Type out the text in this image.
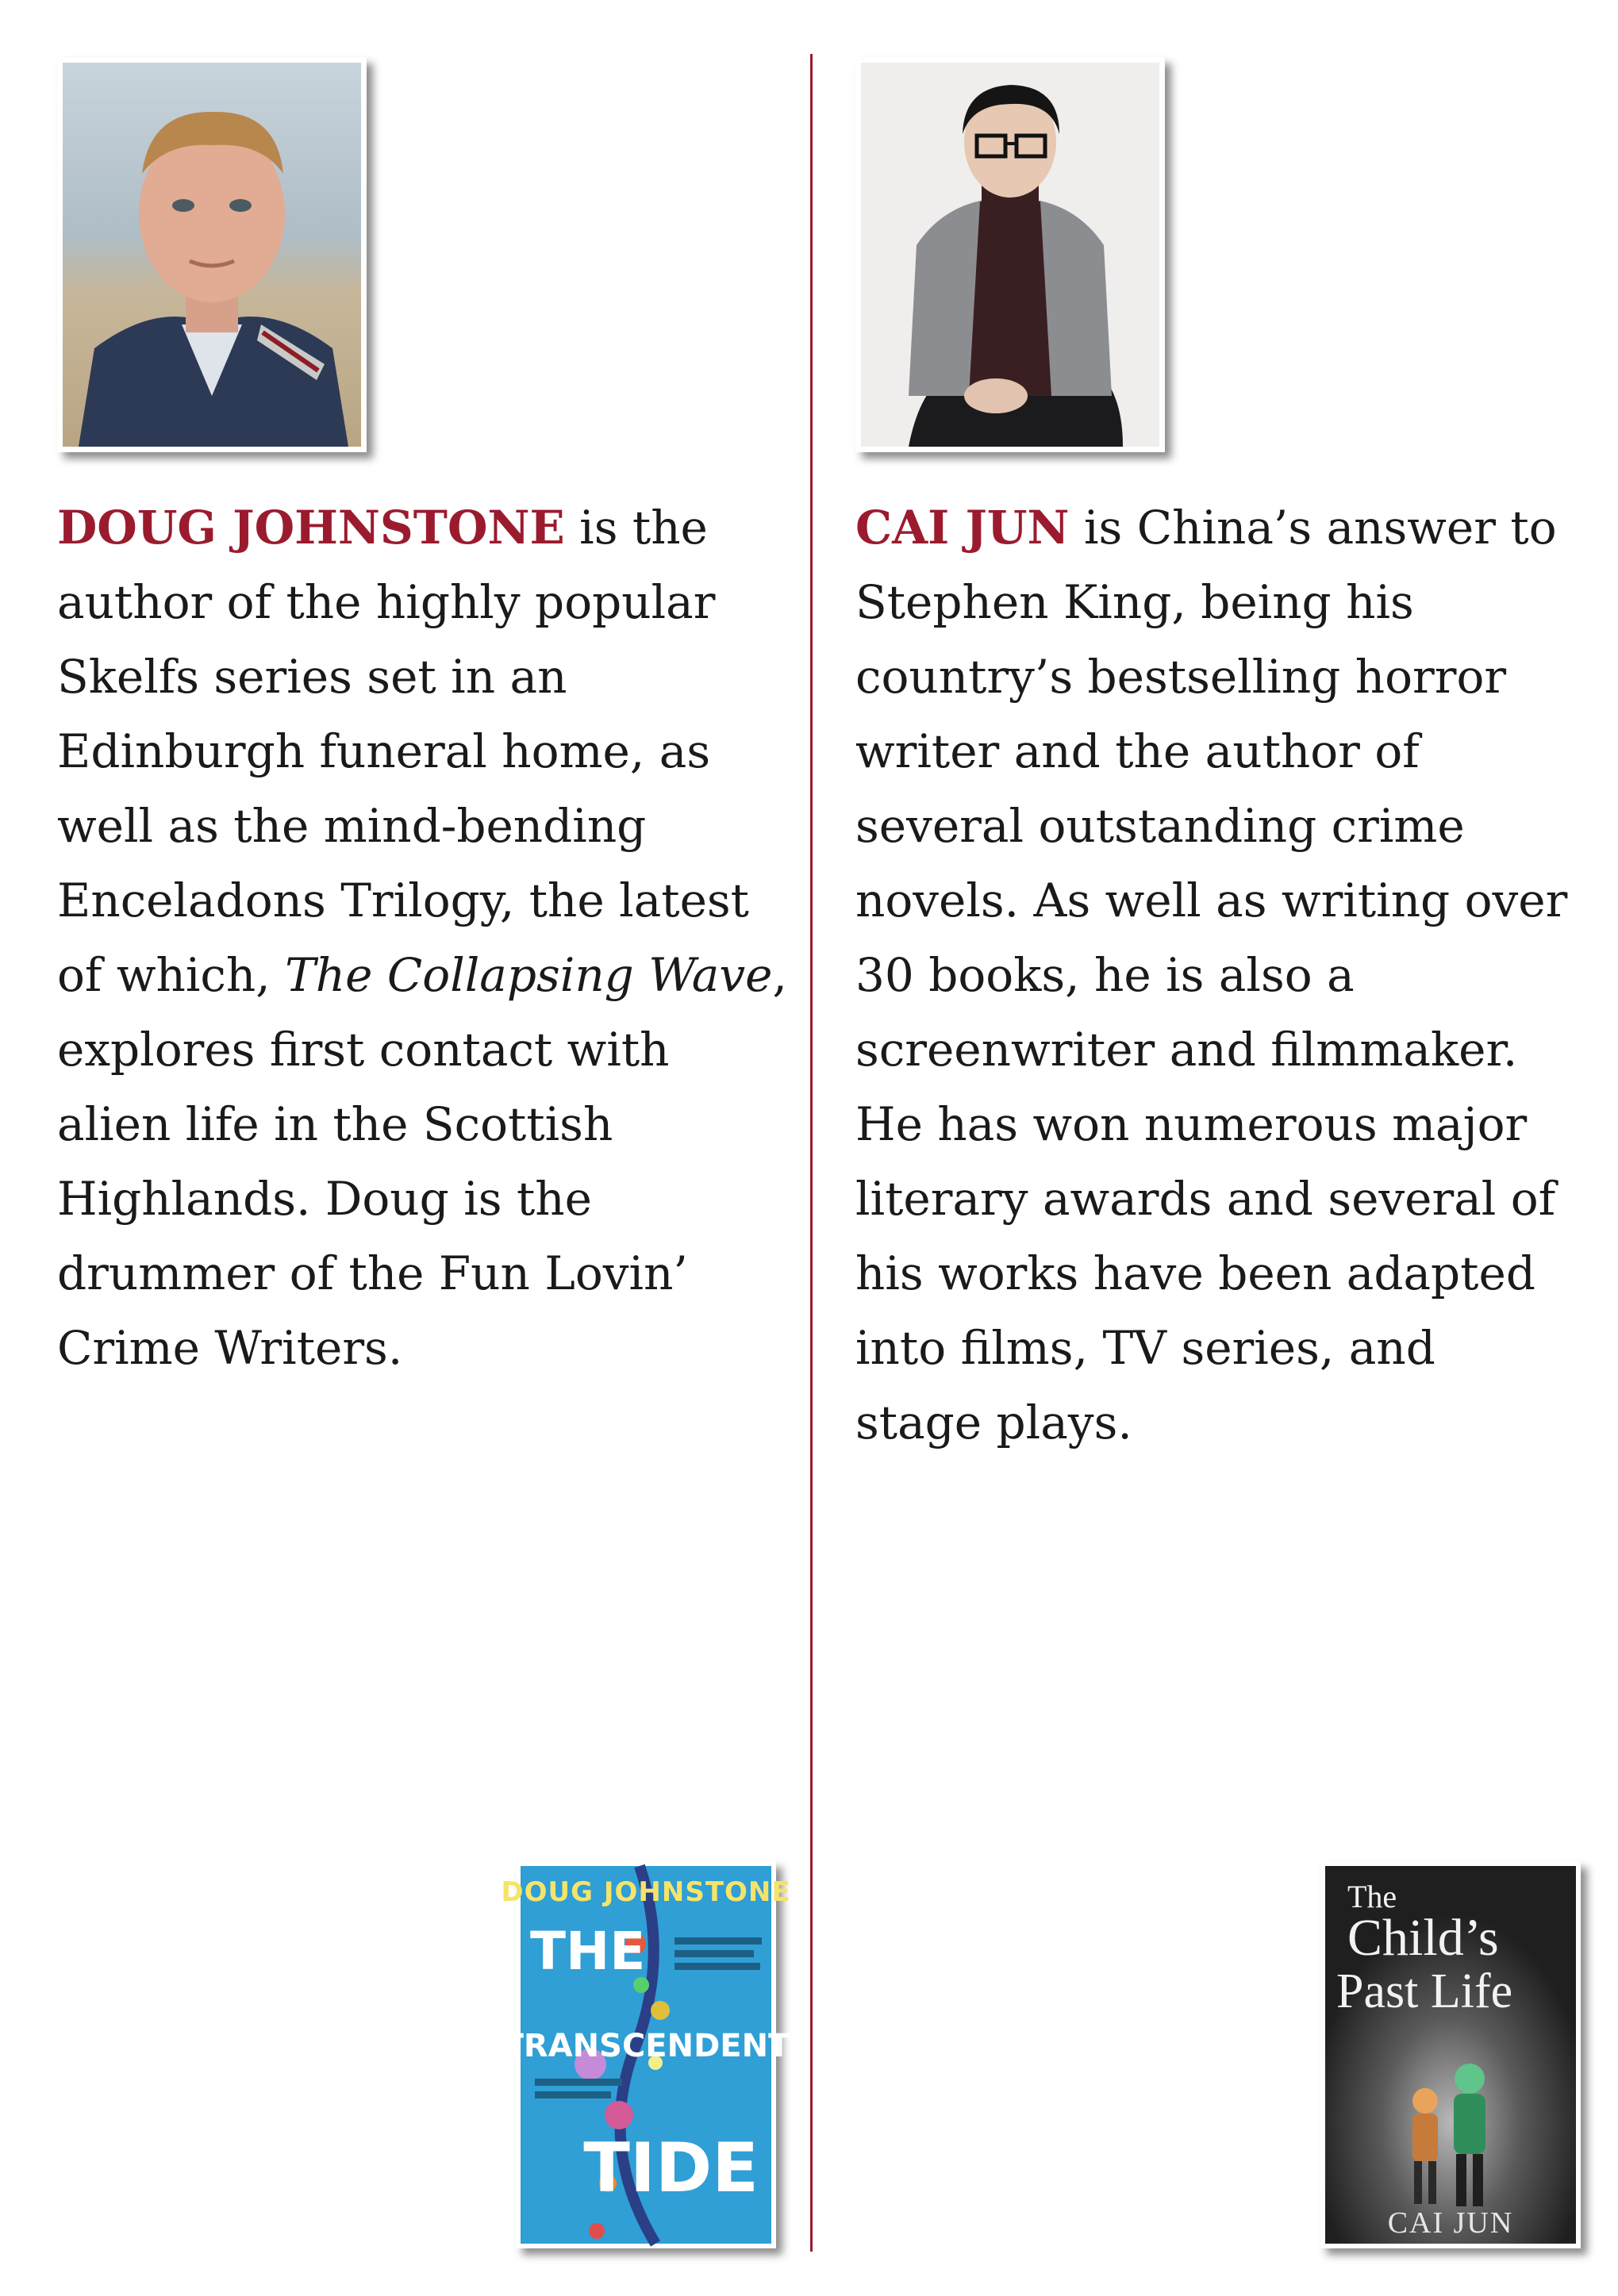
DOUG JOHNSTONE is the author of the highly popular Skelfs series set in an Edinburgh funeral home, as well as the mind-bending Enceladons Trilogy, the latest of which, The Collapsing Wave, explores first contact with alien life in the Scottish Highlands. Doug is the drummer of the Fun Lovin’ Crime Writers.

CAI JUN is China’s answer to Stephen King, being his country’s bestselling horror writer and the author of several outstanding crime novels. As well as writing over 30 books, he is also a screenwriter and filmmaker. He has won numerous major literary awards and several of his works have been adapted into films, TV series, and stage plays.

DOUG JOHNSTONE
THE
TRANSCENDENT
TIDE
The
Child’s
Past Life
CAI JUN
